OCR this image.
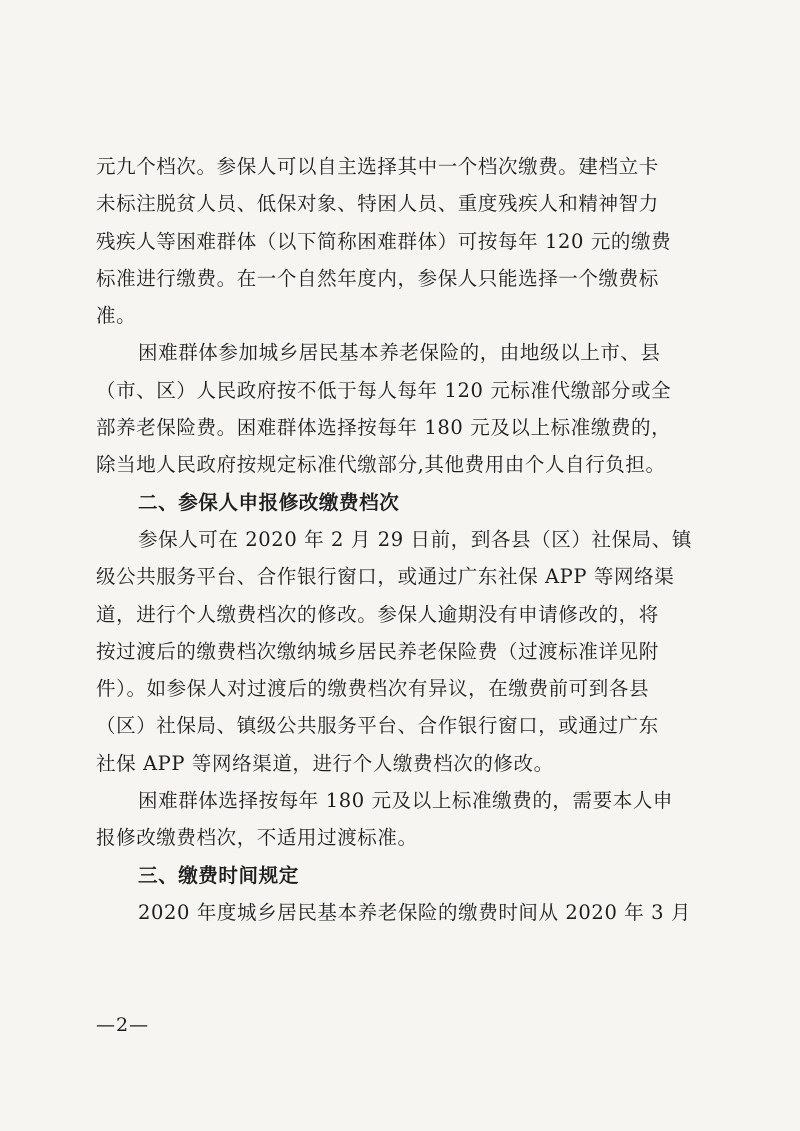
元九个档次。参保人可以自主选择其中一个档次缴费。建档立卡
未标注脱贫人员、低保对象、特困人员、重度残疾人和精神智力
残疾人等困难群体（以下简称困难群体）可按每年 120 元的缴费
标准进行缴费。在一个自然年度内，参保人只能选择一个缴费标
准。
困难群体参加城乡居民基本养老保险的，由地级以上市、县
（市、区）人民政府按不低于每人每年 120 元标准代缴部分或全
部养老保险费。困难群体选择按每年 180 元及以上标准缴费的，
除当地人民政府按规定标准代缴部分,其他费用由个人自行负担。
二、参保人申报修改缴费档次
参保人可在 2020 年 2 月 29 日前，到各县（区）社保局、镇
级公共服务平台、合作银行窗口，或通过广东社保 APP 等网络渠
道，进行个人缴费档次的修改。参保人逾期没有申请修改的，将
按过渡后的缴费档次缴纳城乡居民养老保险费（过渡标准详见附
件）。如参保人对过渡后的缴费档次有异议，在缴费前可到各县
（区）社保局、镇级公共服务平台、合作银行窗口，或通过广东
社保 APP 等网络渠道，进行个人缴费档次的修改。
困难群体选择按每年 180 元及以上标准缴费的，需要本人申
报修改缴费档次，不适用过渡标准。
三、缴费时间规定
2020 年度城乡居民基本养老保险的缴费时间从 2020 年 3 月
—2—
